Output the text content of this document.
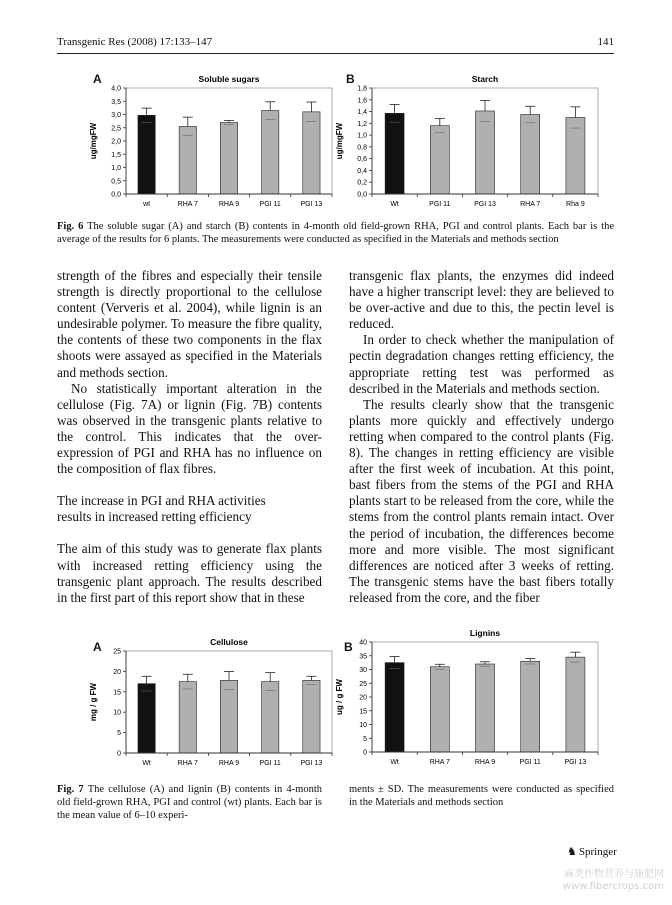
Transgenic Res (2008) 17:133–147	141
A	Soluble sugars
ug/mgFW
0,0
0,5
1,0
1,5
2,0
2,5
3,0
3,5
4,0
wt	RHA 7	RHA 9	PGI 11	PGI 13
B	Starch
ug/mgFW
0,0
0,2
0,4
0,6
0,8
1,0
1,2
1,4
1,6
1,8
Wt	PGI 11	PGI 13	RHA 7	Rha 9
Fig. 6 The soluble sugar (A) and starch (B) contents in 4-month old field-grown RHA, PGI and control plants. Each bar is the average of the results for 6 plants. The measurements were conducted as specified in the Materials and methods section

strength of the fibres and especially their tensile strength is directly proportional to the cellulose content (Ververis et al. 2004), while lignin is an undesirable polymer. To measure the fibre quality, the contents of these two components in the flax shoots were assayed as specified in the Materials and methods section.

No statistically important alteration in the cellulose (Fig. 7A) or lignin (Fig. 7B) contents was observed in the transgenic plants relative to the control. This indicates that the over-expression of PGI and RHA has no influence on the composition of flax fibres.

The increase in PGI and RHA activities

results in increased retting efficiency

The aim of this study was to generate flax plants with increased retting efficiency using the transgenic plant approach. The results described in the first part of this report show that in these

transgenic flax plants, the enzymes did indeed have a higher transcript level: they are believed to be over-active and due to this, the pectin level is reduced.

In order to check whether the manipulation of pectin degradation changes retting efficiency, the appropriate retting test was performed as described in the Materials and methods section.

The results clearly show that the transgenic plants more quickly and effectively undergo retting when compared to the control plants (Fig. 8). The changes in retting efficiency are visible after the first week of incubation. At this point, bast fibers from the stems of the PGI and RHA plants start to be released from the core, while the stems from the control plants remain intact. Over the period of incubation, the differences become more and more visible. The most significant differences are noticed after 3 weeks of retting. The transgenic stems have the bast fibers totally released from the core, and the fiber

A	Cellulose
mg / g FW
0
5
10
15
20
25
Wt	RHA 7	RHA 9	PGI 11	PGI 13
B
Lignins
ug / g FW
0
5
10
15
20
25
30
35
40
Wt	RHA 7	RHA 9	PGI 11	PGI 13
Fig. 7 The cellulose (A) and lignin (B) contents in 4-month old field-grown RHA, PGI and control (wt) plants. Each bar is the mean value of 6–10 experi-
ments ± SD. The measurements were conducted as specified in the Materials and methods section
♞ Springer
麻类作物营养与施肥网
www.fibercrops.com
